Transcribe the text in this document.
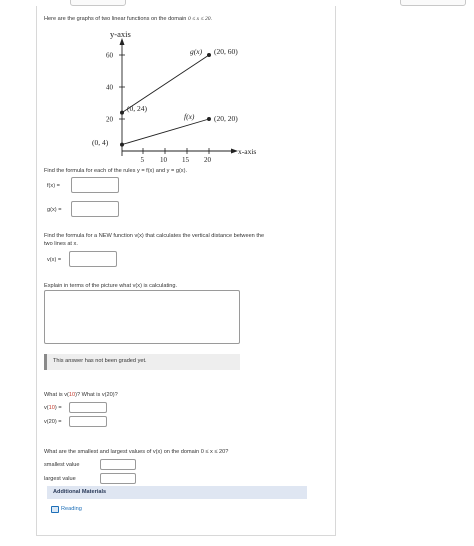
Here are the graphs of two linear functions on the domain 0 ≤ x ≤ 20.
y-axis
x-axis
60
40
20
5 10 15 20
g(x) (20, 60)
(0, 24)
f(x)	(20, 20)
(0, 4)
Find the formula for each of the rules y = f(x) and y = g(x).
f(x) =
g(x) =
Find the formula for a NEW function v(x) that calculates the vertical distance between the
two lines at x.
v(x) =
Explain in terms of the picture what v(x) is calculating.
This answer has not been graded yet.
What is v(10)? What is v(20)?
v(10) =
v(20) =
What are the smallest and largest values of v(x) on the domain 0 ≤ x ≤ 20?
smallest value
largest value
Additional Materials
Reading
